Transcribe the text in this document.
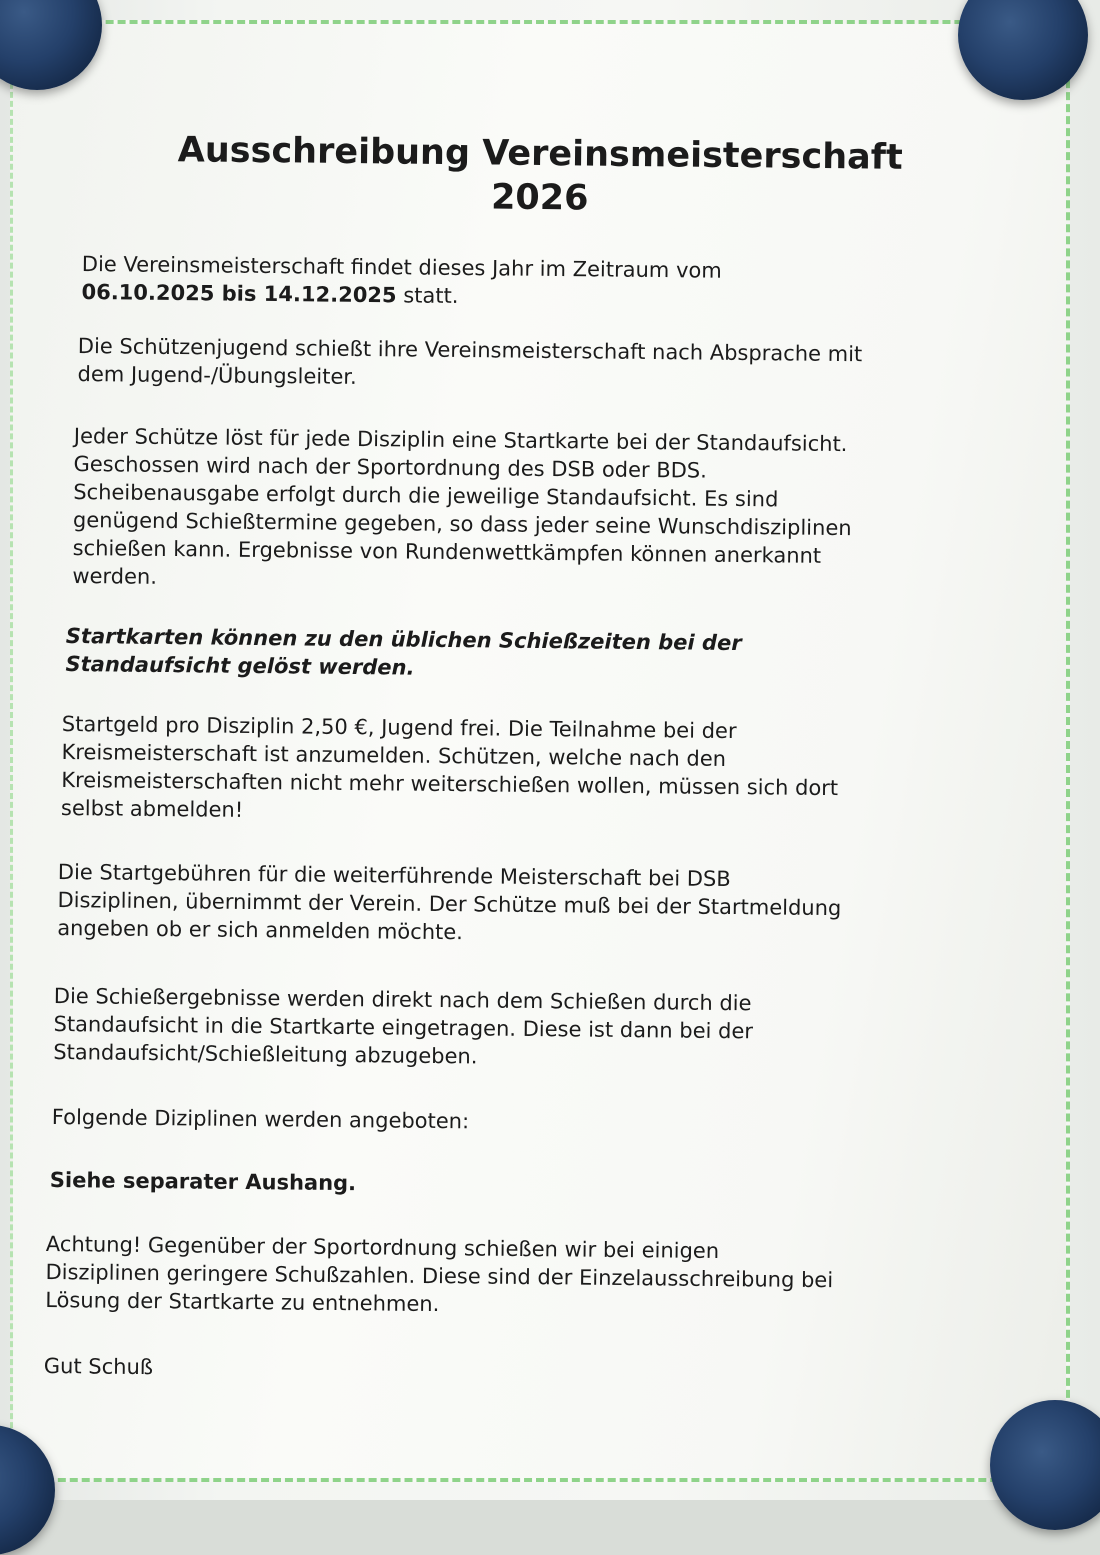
Ausschreibung Vereinsmeisterschaft
2026

Die Vereinsmeisterschaft findet dieses Jahr im Zeitraum vom
06.10.2025 bis 14.12.2025 statt.

Die Schützenjugend schießt ihre Vereinsmeisterschaft nach Absprache mit
dem Jugend-/Übungsleiter.

Jeder Schütze löst für jede Disziplin eine Startkarte bei der Standaufsicht.
Geschossen wird nach der Sportordnung des DSB oder BDS.
Scheibenausgabe erfolgt durch die jeweilige Standaufsicht. Es sind
genügend Schießtermine gegeben, so dass jeder seine Wunschdisziplinen
schießen kann. Ergebnisse von Rundenwettkämpfen können anerkannt
werden.

Startkarten können zu den üblichen Schießzeiten bei der
Standaufsicht gelöst werden.

Startgeld pro Disziplin 2,50 €, Jugend frei. Die Teilnahme bei der
Kreismeisterschaft ist anzumelden. Schützen, welche nach den
Kreismeisterschaften nicht mehr weiterschießen wollen, müssen sich dort
selbst abmelden!

Die Startgebühren für die weiterführende Meisterschaft bei DSB
Disziplinen, übernimmt der Verein. Der Schütze muß bei der Startmeldung
angeben ob er sich anmelden möchte.

Die Schießergebnisse werden direkt nach dem Schießen durch die
Standaufsicht in die Startkarte eingetragen. Diese ist dann bei der
Standaufsicht/Schießleitung abzugeben.

Folgende Diziplinen werden angeboten:

Siehe separater Aushang.

Achtung! Gegenüber der Sportordnung schießen wir bei einigen
Disziplinen geringere Schußzahlen. Diese sind der Einzelausschreibung bei
Lösung der Startkarte zu entnehmen.

Gut Schuß
